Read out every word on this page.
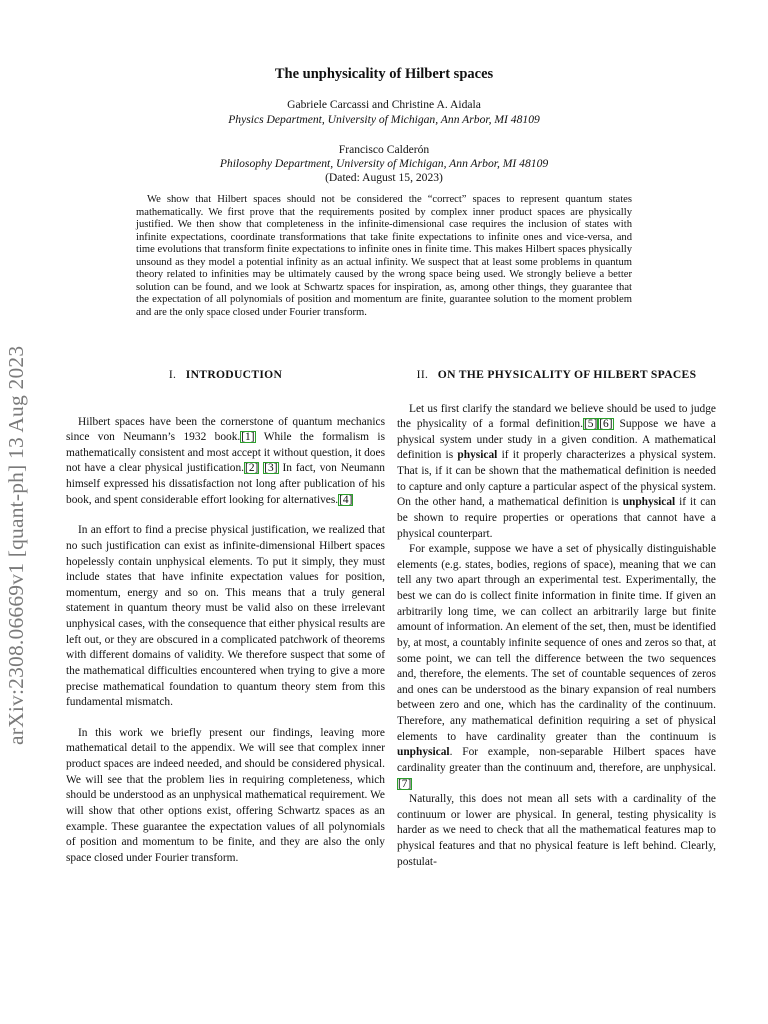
arXiv:2308.06669v1 [quant-ph] 13 Aug 2023
The unphysicality of Hilbert spaces
Gabriele Carcassi and Christine A. Aidala
Physics Department, University of Michigan, Ann Arbor, MI 48109
Francisco Calderón
Philosophy Department, University of Michigan, Ann Arbor, MI 48109
(Dated: August 15, 2023)

We show that Hilbert spaces should not be considered the “correct” spaces to represent quantum states mathematically. We first prove that the requirements posited by complex inner product spaces are physically justified. We then show that completeness in the infinite-dimensional case requires the inclusion of states with infinite expectations, coordinate transformations that take finite expectations to infinite ones and vice-versa, and time evolutions that transform finite expectations to infinite ones in finite time. This makes Hilbert spaces physically unsound as they model a potential infinity as an actual infinity. We suspect that at least some problems in quantum theory related to infinities may be ultimately caused by the wrong space being used. We strongly believe a better solution can be found, and we look at Schwartz spaces for inspiration, as, among other things, they guarantee that the expectation of all polynomials of position and momentum are finite, guarantee solution to the moment problem and are the only space closed under Fourier transform.

I. INTRODUCTION

Hilbert spaces have been the cornerstone of quantum mechanics since von Neumann’s 1932 book.[1] While the formalism is mathematically consistent and most accept it without question, it does not have a clear physical justification.[2] [3] In fact, von Neumann himself expressed his dissatisfaction not long after publication of his book, and spent considerable effort looking for alternatives.[4]

In an effort to find a precise physical justification, we realized that no such justification can exist as infinite-dimensional Hilbert spaces hopelessly contain unphysical elements. To put it simply, they must include states that have infinite expectation values for position, momentum, energy and so on. This means that a truly general statement in quantum theory must be valid also on these irrelevant unphysical cases, with the consequence that either physical results are left out, or they are obscured in a complicated patchwork of theorems with different domains of validity. We therefore suspect that some of the mathematical difficulties encountered when trying to give a more precise mathematical foundation to quantum theory stem from this fundamental mismatch.

In this work we briefly present our findings, leaving more mathematical detail to the appendix. We will see that complex inner product spaces are indeed needed, and should be considered physical. We will see that the problem lies in requiring completeness, which should be understood as an unphysical mathematical requirement. We will show that other options exist, offering Schwartz spaces as an example. These guarantee the expectation values of all polynomials of position and momentum to be finite, and they are also the only space closed under Fourier transform.

II. ON THE PHYSICALITY OF HILBERT SPACES

Let us first clarify the standard we believe should be used to judge the physicality of a formal definition.[5] [6] Suppose we have a physical system under study in a given condition. A mathematical definition is physical if it properly characterizes a physical system. That is, if it can be shown that the mathematical definition is needed to capture and only capture a particular aspect of the physical system. On the other hand, a mathematical definition is unphysical if it can be shown to require properties or operations that cannot have a physical counterpart.

For example, suppose we have a set of physically distinguishable elements (e.g. states, bodies, regions of space), meaning that we can tell any two apart through an experimental test. Experimentally, the best we can do is collect finite information in finite time. If given an arbitrarily long time, we can collect an arbitrarily large but finite amount of information. An element of the set, then, must be identified by, at most, a countably infinite sequence of ones and zeros so that, at some point, we can tell the difference between the two sequences and, therefore, the elements. The set of countable sequences of zeros and ones can be understood as the binary expansion of real numbers between zero and one, which has the cardinality of the continuum. Therefore, any mathematical definition requiring a set of physical elements to have cardinality greater than the continuum is unphysical. For example, non-separable Hilbert spaces have cardinality greater than the continuum and, therefore, are unphysical.[7]

Naturally, this does not mean all sets with a cardinality of the continuum or lower are physical. In general, testing physicality is harder as we need to check that all the mathematical features map to physical features and that no physical feature is left behind. Clearly, postulat-
